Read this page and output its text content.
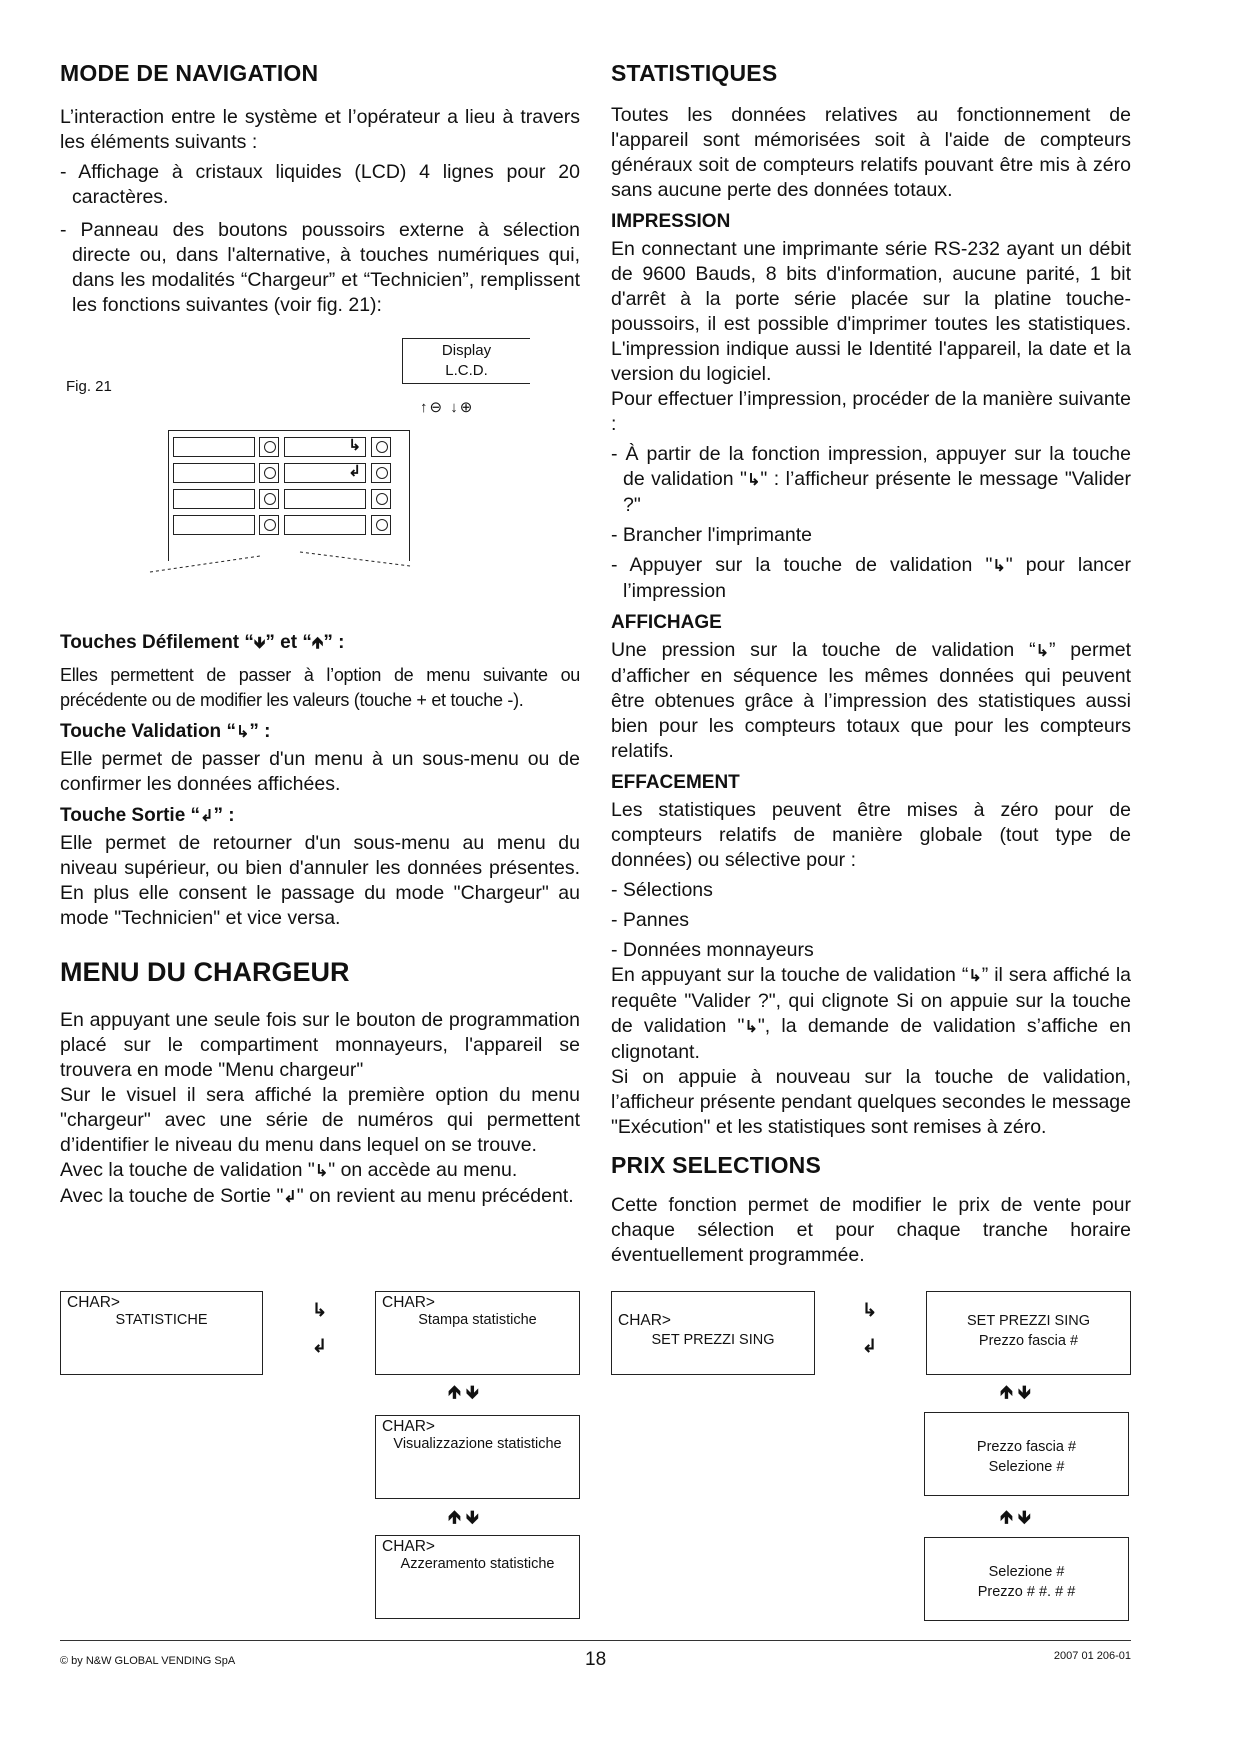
MODE DE NAVIGATION

L’interaction entre le système et l’opérateur a lieu à travers les éléments suivants :

- Affichage à cristaux liquides (LCD) 4 lignes pour 20 caractères.
- Panneau des boutons poussoirs externe à sélection directe ou, dans l'alternative, à touches numériques qui, dans les modalités “Chargeur” et “Technicien”, remplissent les fonctions suivantes (voir fig. 21):
Fig. 21
Display
L.C.D.
↑⊖ ↓⊕
↳
↲
Touches Défilement “🡻” et “🡹” :

Elles permettent de passer à l’option de menu suivante ou précédente ou de modifier les valeurs (touche + et touche -).

Touche Validation “↳” :

Elle permet de passer d'un menu à un sous-menu ou de confirmer les données affichées.

Touche Sortie “↲” :

Elle permet de retourner d'un sous-menu au menu du niveau supérieur, ou bien d'annuler les données présentes. En plus elle consent le passage du mode "Chargeur" au mode "Technicien" et vice versa.

MENU DU CHARGEUR

En appuyant une seule fois sur le bouton de programmation placé sur le compartiment monnayeurs, l'appareil se trouvera en mode "Menu chargeur"

Sur le visuel il sera affiché la première option du menu "chargeur" avec une série de numéros qui permettent d’identifier le niveau du menu dans lequel on se trouve.

Avec la touche de validation "↳" on accède au menu.

Avec la touche de Sortie "↲" on revient au menu précédent.

STATISTIQUES

Toutes les données relatives au fonctionnement de l'appareil sont mémorisées soit à l'aide de compteurs généraux soit de compteurs relatifs pouvant être mis à zéro sans aucune perte des données totaux.

IMPRESSION

En connectant une imprimante série RS-232 ayant un débit de 9600 Bauds, 8 bits d'information, aucune parité, 1 bit d'arrêt à la porte série placée sur la platine touche-poussoirs, il est possible d'imprimer toutes les statistiques. L'impression indique aussi le Identité l'appareil, la date et la version du logiciel.

Pour effectuer l’impression, procéder de la manière suivante :

- À partir de la fonction impression, appuyer sur la touche de validation "↳" : l’afficheur présente le message "Valider ?"
- Brancher l'imprimante
- Appuyer sur la touche de validation "↳" pour lancer l’impression
AFFICHAGE

Une pression sur la touche de validation “↳” permet d’afficher en séquence les mêmes données qui peuvent être obtenues grâce à l’impression des statistiques aussi bien pour les compteurs totaux que pour les compteurs relatifs.

EFFACEMENT

Les statistiques peuvent être mises à zéro pour de compteurs relatifs de manière globale (tout type de données) ou sélective pour :

- Sélections
- Pannes
- Données monnayeurs

En appuyant sur la touche de validation “↳” il sera affiché la requête "Valider ?", qui clignote Si on appuie sur la touche de validation "↳", la demande de validation s’affiche en clignotant.

Si on appuie à nouveau sur la touche de validation, l’afficheur présente pendant quelques secondes le message "Exécution" et les statistiques sont remises à zéro.

PRIX SELECTIONS

Cette fonction permet de modifier le prix de vente pour chaque sélection et pour chaque tranche horaire éventuellement programmée.

CHAR>
STATISTICHE	↳
↲
CHAR>
Stampa statistiche
🡹 🡻
CHAR>
Visualizzazione statistiche
🡹 🡻
CHAR>
Azzeramento statistiche
CHAR>
SET PREZZI SING
↳
↲
SET PREZZI SING
Prezzo fascia #
🡹 🡻
Prezzo fascia #
Selezione #
🡹 🡻
Selezione #
Prezzo # #. # #
© by N&W GLOBAL VENDING SpA	18	2007 01 206-01
